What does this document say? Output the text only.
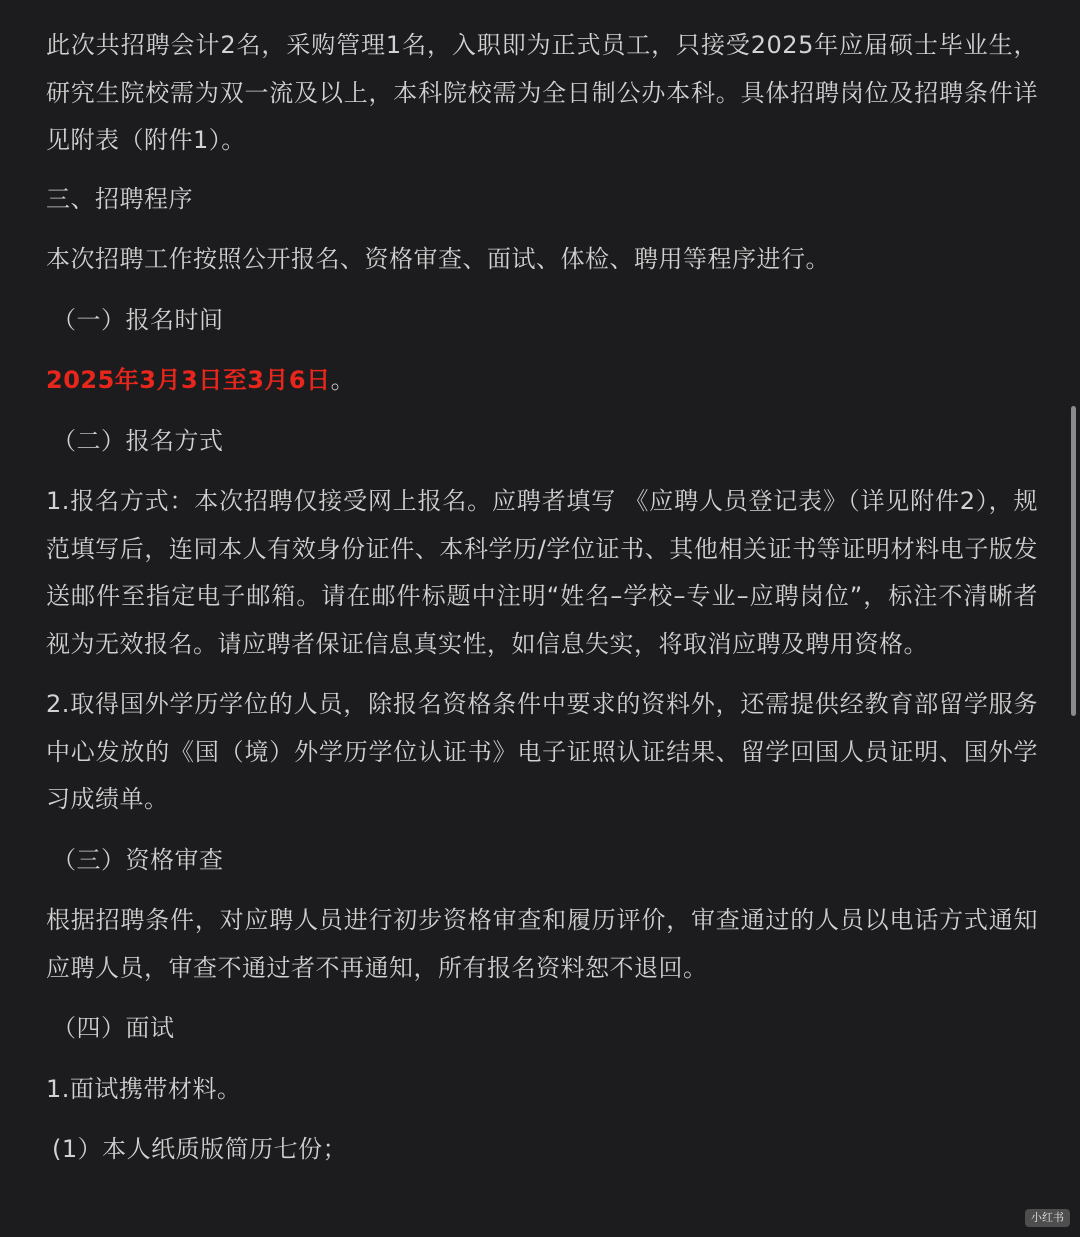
此次共招聘会计2名，采购管理1名，入职即为正式员工，只接受2025年应届硕士毕业生，研究生院校需为双一流及以上，本科院校需为全日制公办本科。具体招聘岗位及招聘条件详见附表（附件1）。

三、招聘程序

本次招聘工作按照公开报名、资格审查、面试、体检、聘用等程序进行。

（一）报名时间

2025年3月3日至3月6日。

（二）报名方式

1.报名方式：本次招聘仅接受网上报名。应聘者填写 《应聘人员登记表》（详见附件2），规范填写后，连同本人有效身份证件、本科学历/学位证书、其他相关证书等证明材料电子版发送邮件至指定电子邮箱。请在邮件标题中注明“姓名–学校–专业–应聘岗位”，标注不清晰者视为无效报名。请应聘者保证信息真实性，如信息失实，将取消应聘及聘用资格。

2.取得国外学历学位的人员，除报名资格条件中要求的资料外，还需提供经教育部留学服务中心发放的《国（境）外学历学位认证书》电子证照认证结果、留学回国人员证明、国外学习成绩单。

（三）资格审查

根据招聘条件，对应聘人员进行初步资格审查和履历评价，审查通过的人员以电话方式通知应聘人员，审查不通过者不再通知，所有报名资料恕不退回。

（四）面试

1.面试携带材料。

(1）本人纸质版简历七份；

小红书
